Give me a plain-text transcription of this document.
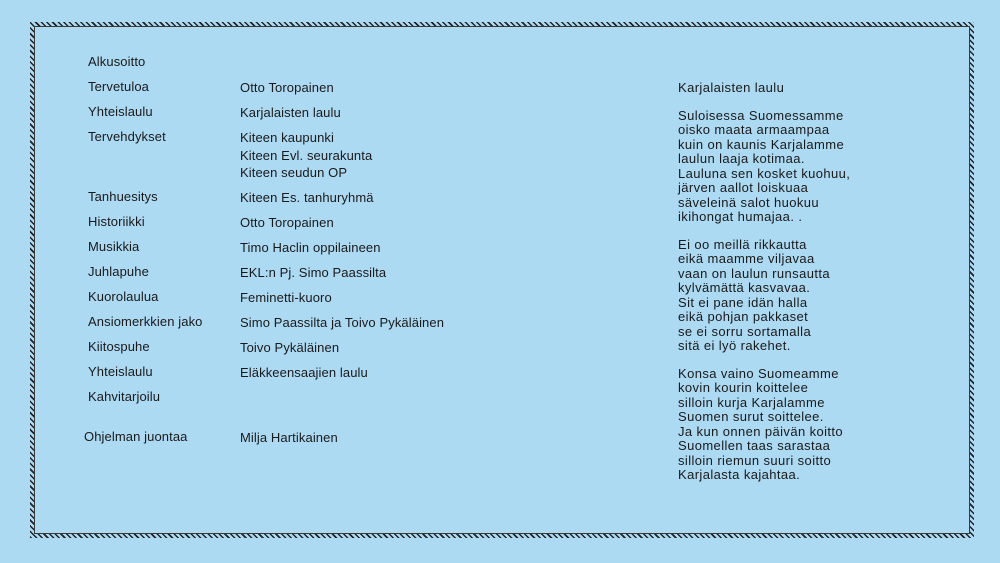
Alkusoitto
Tervetuloa	Otto Toropainen
Yhteislaulu	Karjalaisten laulu
Tervehdykset	Kiteen kaupunki
Kiteen Evl. seurakunta
Kiteen seudun OP
Tanhuesitys	Kiteen Es. tanhuryhmä
Historiikki	Otto Toropainen
Musikkia	Timo Haclin oppilaineen
Juhlapuhe	EKL:n Pj. Simo Paassilta
Kuorolaulua	Feminetti-kuoro
Ansiomerkkien jako	Simo Paassilta ja Toivo Pykäläinen
Kiitospuhe	Toivo Pykäläinen
Yhteislaulu	Eläkkeensaajien laulu
Kahvitarjoilu
Ohjelman juontaa	Milja Hartikainen
Karjalaisten laulu
Suloisessa Suomessamme
oisko maata armaampaa
kuin on kaunis Karjalamme
laulun laaja kotimaa.
Lauluna sen kosket kuohuu,
järven aallot loiskuaa
säveleinä salot huokuu
ikihongat humajaa. .
Ei oo meillä rikkautta
eikä maamme viljavaa
vaan on laulun runsautta
kylvämättä kasvavaa.
Sit ei pane idän halla
eikä pohjan pakkaset
se ei sorru sortamalla
sitä ei lyö rakehet.
Konsa vaino Suomeamme
kovin kourin koittelee
silloin kurja Karjalamme
Suomen surut soittelee.
Ja kun onnen päivän koitto
Suomellen taas sarastaa
silloin riemun suuri soitto
Karjalasta kajahtaa.
